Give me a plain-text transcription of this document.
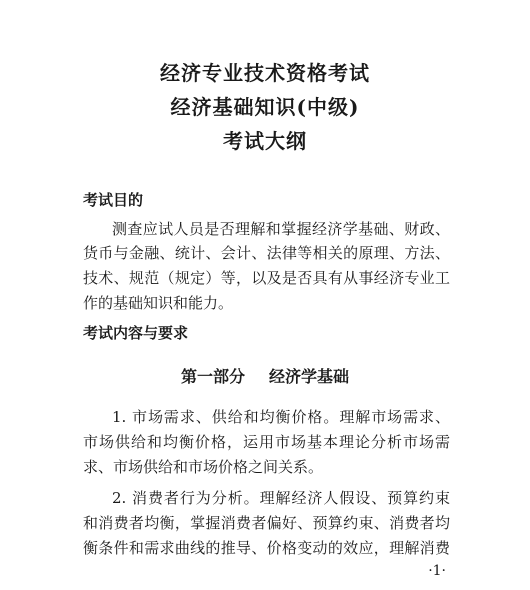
经济专业技术资格考试
经济基础知识(中级)
考试大纲
考试目的
测查应试人员是否理解和掌握经济学基础、财政、
货币与金融、统计、会计、法律等相关的原理、方法、
技术、规范（规定）等，以及是否具有从事经济专业工
作的基础知识和能力。
考试内容与要求
第一部分 经济学基础
1. 市场需求、供给和均衡价格。理解市场需求、
市场供给和均衡价格，运用市场基本理论分析市场需
求、市场供给和市场价格之间关系。
2. 消费者行为分析。理解经济人假设、预算约束
和消费者均衡，掌握消费者偏好、预算约束、消费者均
衡条件和需求曲线的推导、价格变动的效应，理解消费
·1·
